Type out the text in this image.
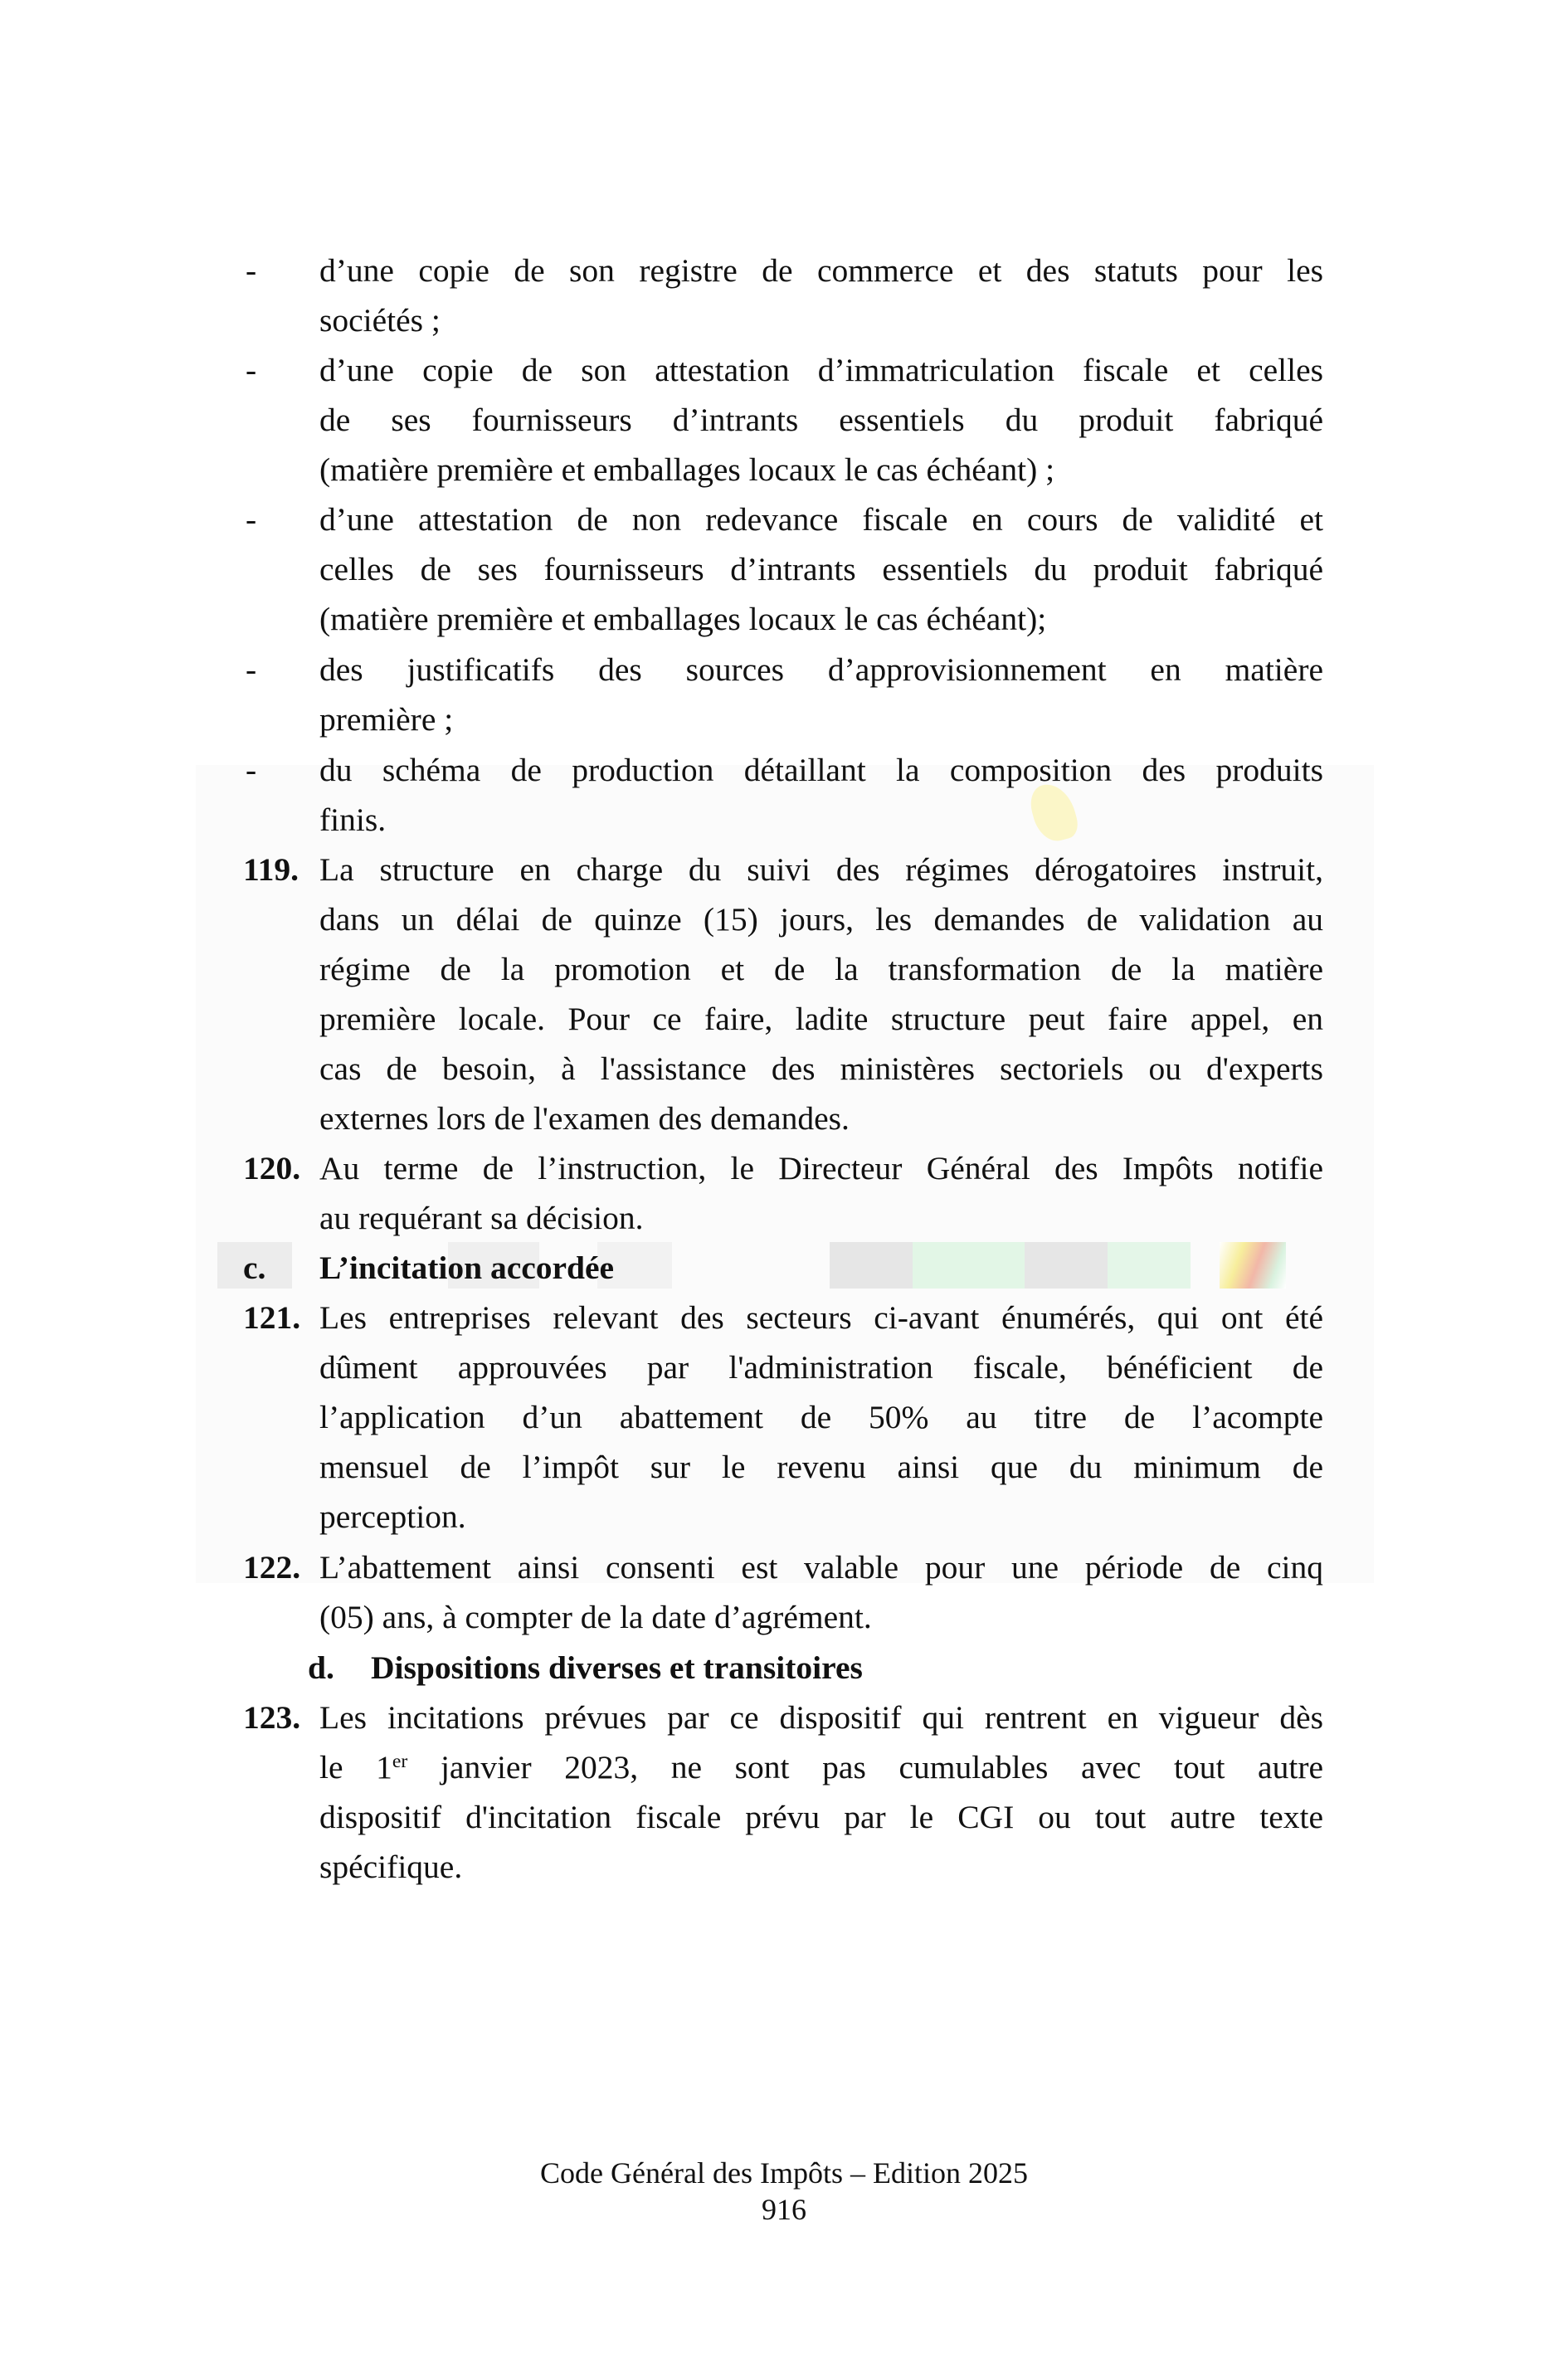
- d’une copie de son registre de commerce et des statuts pour les
sociétés ;
- d’une copie de son attestation d’immatriculation fiscale et celles
de ses fournisseurs d’intrants essentiels du produit fabriqué
(matière première et emballages locaux le cas échéant) ;
- d’une attestation de non redevance fiscale en cours de validité et
celles de ses fournisseurs d’intrants essentiels du produit fabriqué
(matière première et emballages locaux le cas échéant);
- des justificatifs des sources d’approvisionnement en matière
première ;
- du schéma de production détaillant la composition des produits
finis.
119. La structure en charge du suivi des régimes dérogatoires instruit,
dans un délai de quinze (15) jours, les demandes de validation au
régime de la promotion et de la transformation de la matière
première locale. Pour ce faire, ladite structure peut faire appel, en
cas de besoin, à l'assistance des ministères sectoriels ou d'experts
externes lors de l'examen des demandes.
120. Au terme de l’instruction, le Directeur Général des Impôts notifie
au requérant sa décision.
c. L’incitation accordée
121. Les entreprises relevant des secteurs ci-avant énumérés, qui ont été
dûment approuvées par l'administration fiscale, bénéficient de
l’application d’un abattement de 50% au titre de l’acompte
mensuel de l’impôt sur le revenu ainsi que du minimum de
perception.
122. L’abattement ainsi consenti est valable pour une période de cinq
(05) ans, à compter de la date d’agrément.
d. Dispositions diverses et transitoires
123. Les incitations prévues par ce dispositif qui rentrent en vigueur dès
le 1er janvier 2023, ne sont pas cumulables avec tout autre
dispositif d'incitation fiscale prévu par le CGI ou tout autre texte
spécifique.
Code Général des Impôts – Edition 2025
916
